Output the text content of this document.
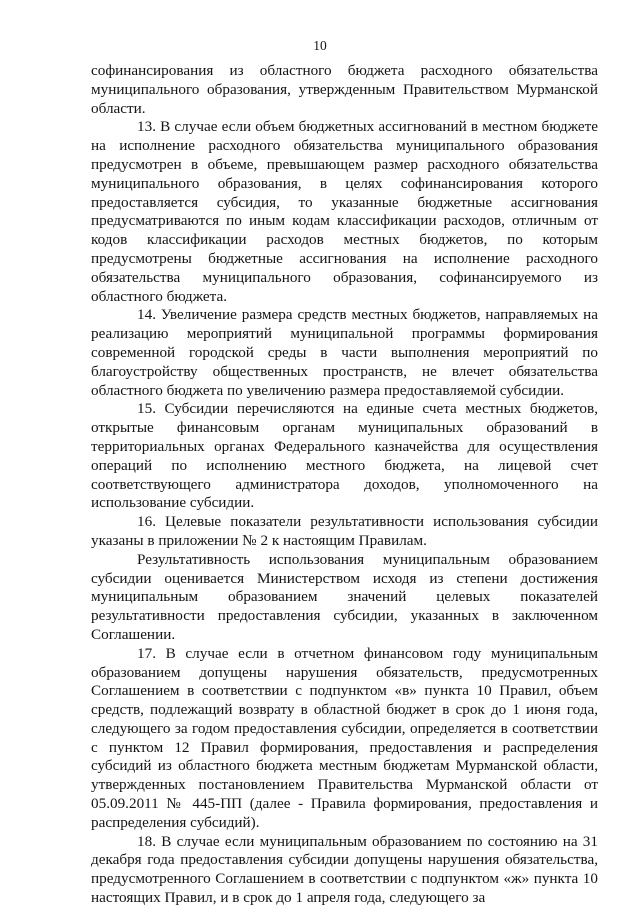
10

софинансирования из областного бюджета расходного обязательства муниципального образования, утвержденным Правительством Мурманской области.

13. В случае если объем бюджетных ассигнований в местном бюджете на исполнение расходного обязательства муниципального образования предусмотрен в объеме, превышающем размер расходного обязательства муниципального образования, в целях софинансирования которого предоставляется субсидия, то указанные бюджетные ассигнования предусматриваются по иным кодам классификации расходов, отличным от кодов классификации расходов местных бюджетов, по которым предусмотрены бюджетные ассигнования на исполнение расходного обязательства муниципального образования, софинансируемого из областного бюджета.

14. Увеличение размера средств местных бюджетов, направляемых на реализацию мероприятий муниципальной программы формирования современной городской среды в части выполнения мероприятий по благоустройству общественных пространств, не влечет обязательства областного бюджета по увеличению размера предоставляемой субсидии.

15. Субсидии перечисляются на единые счета местных бюджетов, открытые финансовым органам муниципальных образований в территориальных органах Федерального казначейства для осуществления операций по исполнению местного бюджета, на лицевой счет соответствующего администратора доходов, уполномоченного на использование субсидии.

16. Целевые показатели результативности использования субсидии указаны в приложении № 2 к настоящим Правилам.

Результативность использования муниципальным образованием субсидии оценивается Министерством исходя из степени достижения муниципальным образованием значений целевых показателей результативности предоставления субсидии, указанных в заключенном Соглашении.

17. В случае если в отчетном финансовом году муниципальным образованием допущены нарушения обязательств, предусмотренных Соглашением в соответствии с подпунктом «в» пункта 10 Правил, объем средств, подлежащий возврату в областной бюджет в срок до 1 июня года, следующего за годом предоставления субсидии, определяется в соответствии с пунктом 12 Правил формирования, предоставления и распределения субсидий из областного бюджета местным бюджетам Мурманской области, утвержденных постановлением Правительства Мурманской области от 05.09.2011 № 445-ПП (далее - Правила формирования, предоставления и распределения субсидий).

18. В случае если муниципальным образованием по состоянию на 31 декабря года предоставления субсидии допущены нарушения обязательства, предусмотренного Соглашением в соответствии с подпунктом «ж» пункта 10 настоящих Правил, и в срок до 1 апреля года, следующего за
